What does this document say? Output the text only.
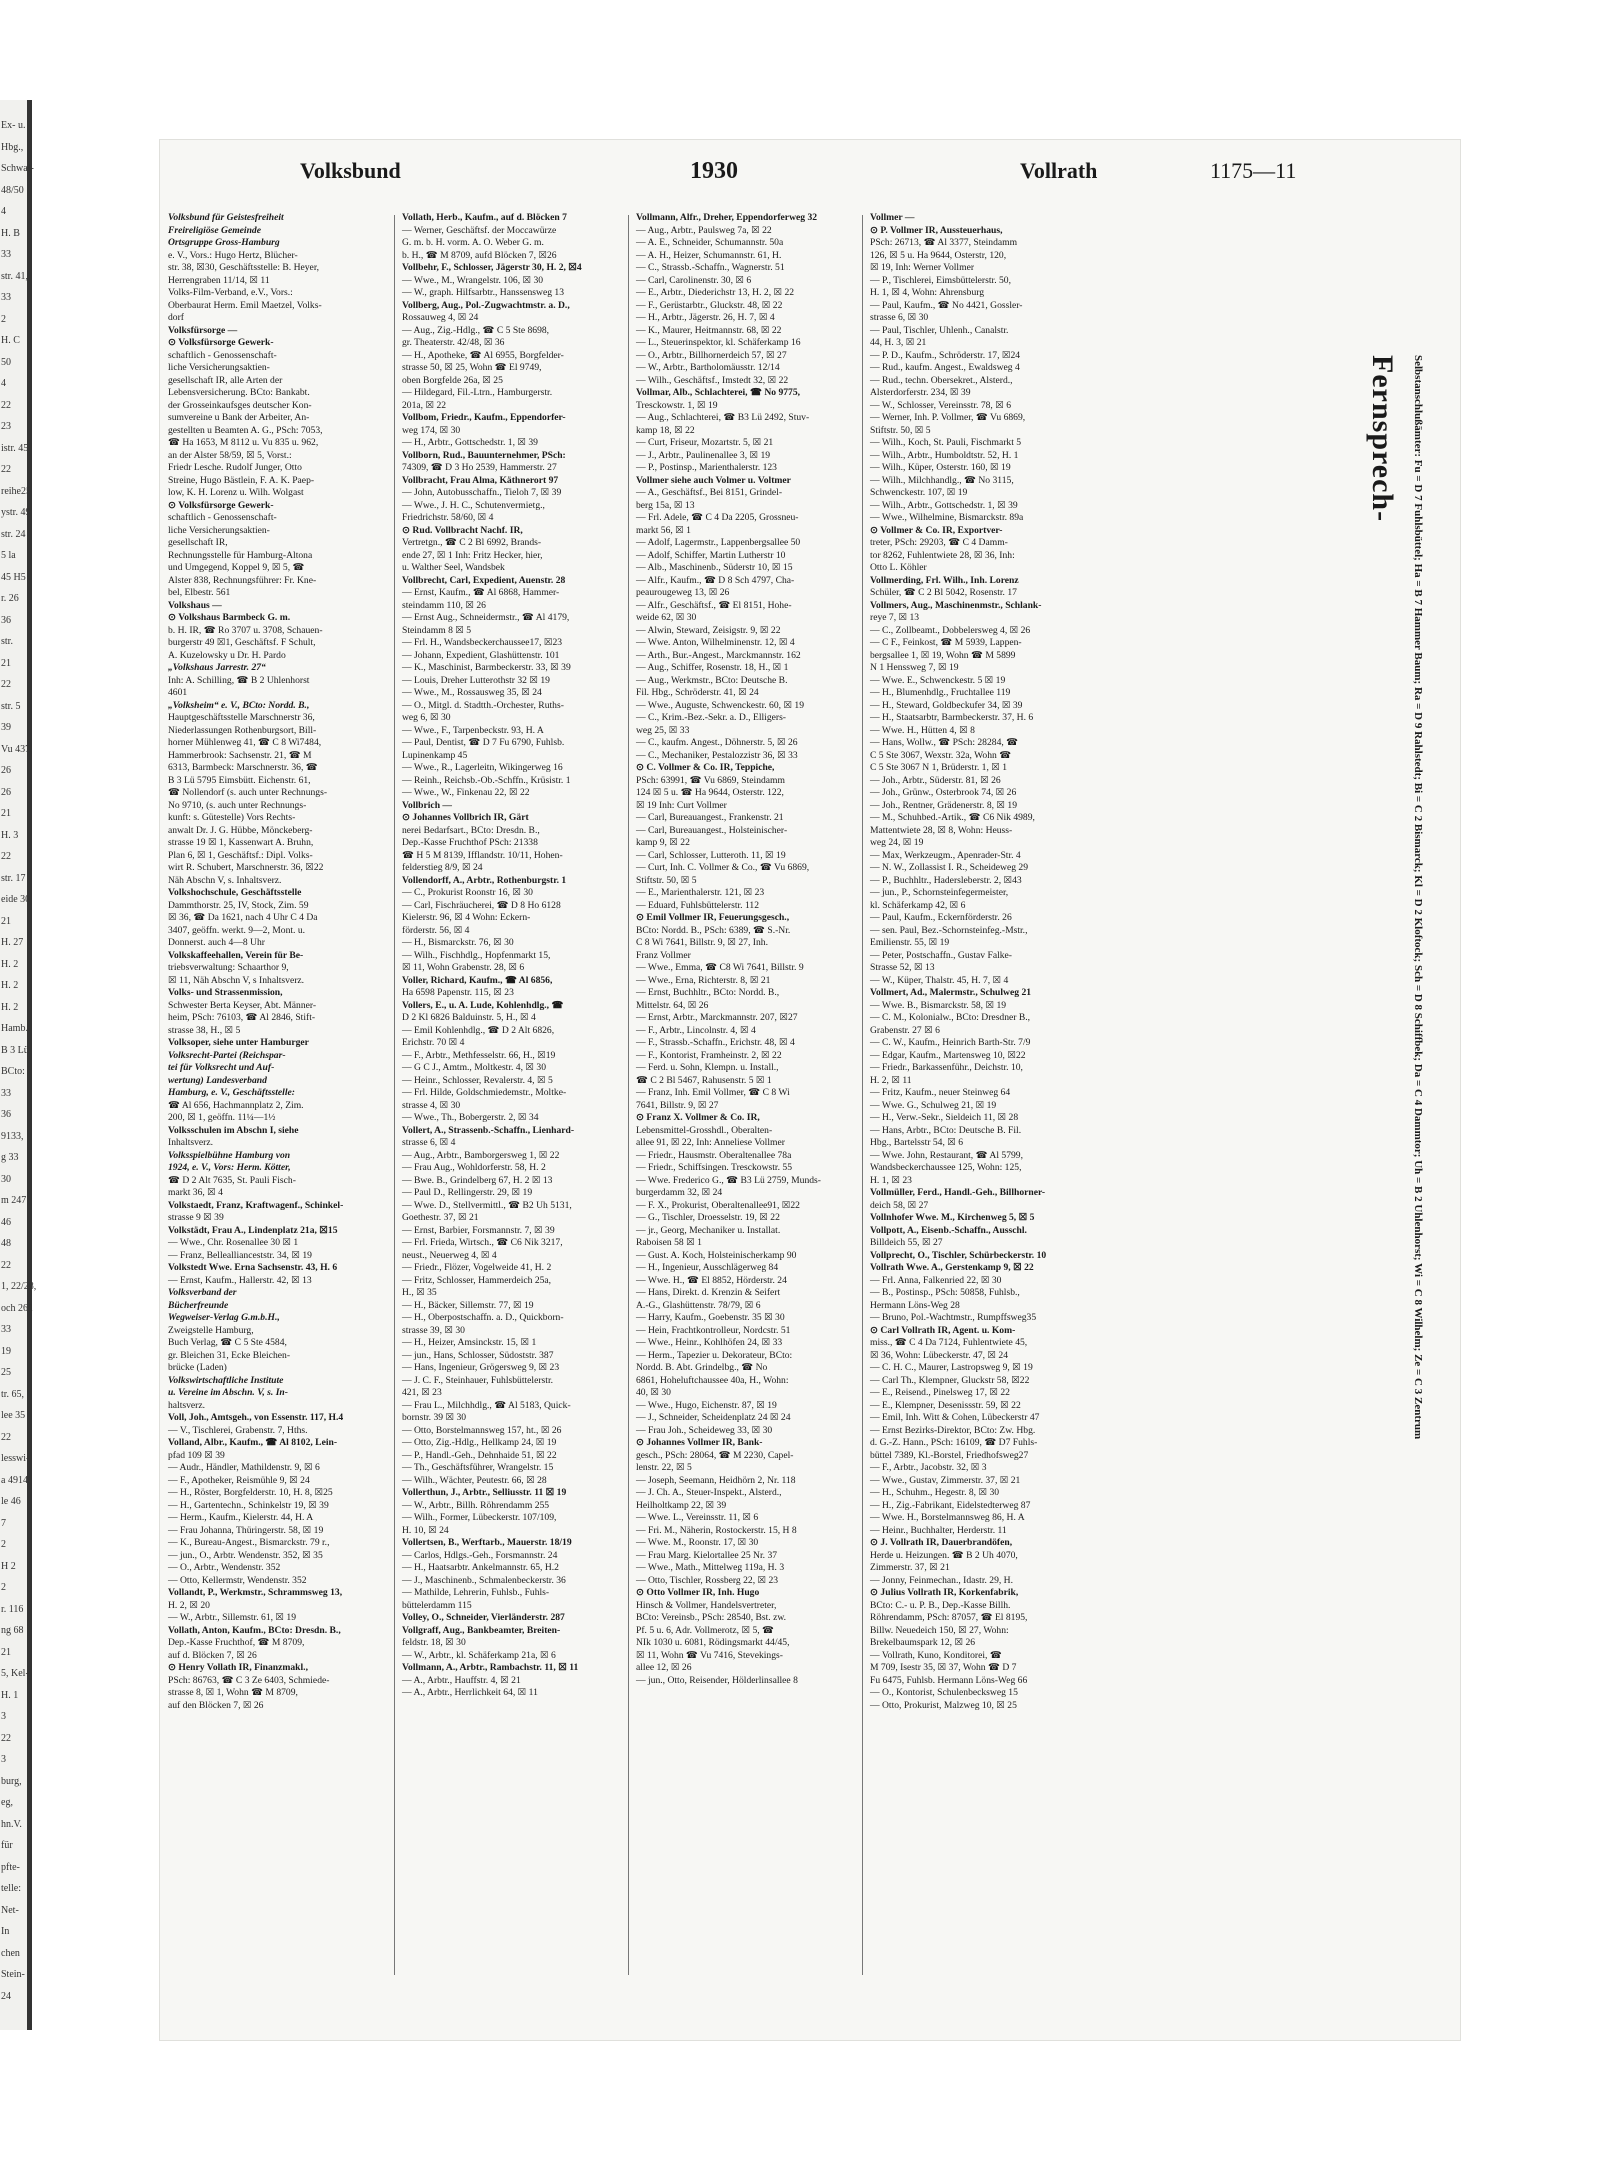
Ex- u.
Hbg.,
Schwal-
48/50
4
H. B
33
str. 41,
33
2
H. C
50
4
22
23
istr. 45
22
reihe25
ystr. 49
str. 24
5 la
45 H5
r. 26
36
str.
21
22
str. 5
39
Vu 437,
26
26
21
H. 3
22
str. 17
eide 30
21
H. 27
H. 2
H. 2
H. 2
Hamb.
B 3 Lü
BCto:
33
36
9133,
g 33
30
m 247
46
48
22
1, 22/28,
och 261
33
19
25
tr. 65,
lee 35
22
lesswi-
a 4914,
le 46
7
2
H 2
2
r. 116
ng 68
21
5, Kel-
H. 1
3
22
3
burg,
eg,
hn.V.
für
pfte-
telle:
Net-
In
chen
Stein-
24
Volksbund	1930	Vollrath	1175—11
Volksbund für Geistesfreiheit
Freireligiöse Gemeinde
Ortsgruppe Gross-Hamburg
e. V., Vors.: Hugo Hertz, Blücher-
str. 38, ☒30, Geschäftsstelle: B. Heyer,
Herrengraben 11/14, ☒ 11
Volks-Film-Verband, e.V., Vors.:
Oberbaurat Herm. Emil Maetzel, Volks-
dorf
Volksfürsorge —
⊙ Volksfürsorge Gewerk-
schaftlich - Genossenschaft-
liche Versicherungsaktien-
gesellschaft IR, alle Arten der
Lebensversicherung. BCto: Bankabt.
der Grosseinkaufsges deutscher Kon-
sumvereine u Bank der Arbeiter, An-
gestellten u Beamten A. G., PSch: 7053,
☎ Ha 1653, M 8112 u. Vu 835 u. 962,
an der Alster 58/59, ☒ 5, Vorst.:
Friedr Lesche. Rudolf Junger, Otto
Streine, Hugo Bästlein, F. A. K. Paep-
low, K. H. Lorenz u. Wilh. Wolgast
⊙ Volksfürsorge Gewerk-
schaftlich - Genossenschaft-
liche Versicherungsaktien-
gesellschaft IR,
Rechnungsstelle für Hamburg-Altona
und Umgegend, Koppel 9, ☒ 5, ☎
Alster 838, Rechnungsführer: Fr. Kne-
bel, Elbestr. 561
Volkshaus —
⊙ Volkshaus Barmbeck G. m.
b. H. IR, ☎ Ro 3707 u. 3708, Schauen-
burgerstr 49 ☒1, Geschäftsf. F Schult,
A. Kuzelowsky u Dr. H. Pardo
„Volkshaus Jarrestr. 27“
Inh: A. Schilling, ☎ B 2 Uhlenhorst
4601
„Volksheim“ e. V., BCto: Nordd. B.,
Hauptgeschäftsstelle Marschnerstr 36,
Niederlassungen Rothenburgsort, Bill-
horner Mühlenweg 41, ☎ C 8 Wi7484,
Hammerbrook: Sachsenstr. 21, ☎ M
6313, Barmbeck: Marschnerstr. 36, ☎
B 3 Lü 5795 Eimsbütt. Eichenstr. 61,
☎ Nollendorf (s. auch unter Rechnungs-
No 9710, (s. auch unter Rechnungs-
kunft: s. Gütestelle) Vors Rechts-
anwalt Dr. J. G. Hübbe, Mönckeberg-
strasse 19 ☒ 1, Kassenwart A. Bruhn,
Plan 6, ☒ 1, Geschäftsf.: Dipl. Volks-
wirt R. Schubert, Marschnerstr. 36, ☒22
Näh Abschn V, s. Inhaltsverz.
Volkshochschule, Geschäftsstelle
Dammthorstr. 25, IV, Stock, Zim. 59
☒ 36, ☎ Da 1621, nach 4 Uhr C 4 Da
3407, geöffn. werkt. 9—2, Mont. u.
Donnerst. auch 4—8 Uhr
Volkskaffeehallen, Verein für Be-
triebsverwaltung: Schaarthor 9,
☒ 11, Näh Abschn V, s Inhaltsverz.
Volks- und Strassenmission,
Schwester Berta Keyser, Abt. Männer-
heim, PSch: 76103, ☎ Al 2846, Stift-
strasse 38, H., ☒ 5
Volksoper, siehe unter Hamburger
Volksrecht-Partei (Reichspar-
tei für Volksrecht und Auf-
wertung) Landesverband
Hamburg, e. V., Geschäftsstelle:
☎ Al 656, Hachmannplatz 2, Zim.
200, ☒ 1, geöffn. 11¼—1½
Volksschulen im Abschn I, siehe
Inhaltsverz.
Volksspielbühne Hamburg von
1924, e. V., Vors: Herm. Kötter,
☎ D 2 Alt 7635, St. Pauli Fisch-
markt 36, ☒ 4
Volkstaedt, Franz, Kraftwagenf., Schinkel-
strasse 9 ☒ 39
Volkstädt, Frau A., Lindenplatz 21a, ☒15
— Wwe., Chr. Rosenallee 30 ☒ 1
— Franz, Belleallianceststr. 34, ☒ 19
Volkstedt Wwe. Erna Sachsenstr. 43, H. 6
— Ernst, Kaufm., Hallerstr. 42, ☒ 13
Volksverband der
Bücherfreunde
Wegweiser-Verlag G.m.b.H.,
Zweigstelle Hamburg,
Buch Verlag, ☎ C 5 Ste 4584,
gr. Bleichen 31, Ecke Bleichen-
brücke (Laden)
Volkswirtschaftliche Institute
u. Vereine im Abschn. V, s. In-
haltsverz.
Voll, Joh., Amtsgeh., von Essenstr. 117, H.4
— V., Tischlerei, Grabenstr. 7, Hths.
Volland, Albr., Kaufm., ☎ Al 8102, Lein-
pfad 109 ☒ 39
— Audr., Händler, Mathildenstr. 9, ☒ 6
— F., Apotheker, Reismühle 9, ☒ 24
— H., Röster, Borgfelderstr. 10, H. 8, ☒25
— H., Gartentechn., Schinkelstr 19, ☒ 39
— Herm., Kaufm., Kielerstr. 44, H. A
— Frau Johanna, Thüringerstr. 58, ☒ 19
— K., Bureau-Angest., Bismarckstr. 79 r.,
— jun., O., Arbtr. Wendenstr. 352, ☒ 35
— O., Arbtr., Wendenstr. 352
— Otto, Kellermstr, Wendenstr. 352
Vollandt, P., Werkmstr., Schrammsweg 13,
H. 2, ☒ 20
— W., Arbtr., Sillemstr. 61, ☒ 19
Vollath, Anton, Kaufm., BCto: Dresdn. B.,
Dep.-Kasse Fruchthof, ☎ M 8709,
auf d. Blöcken 7, ☒ 26
⊙ Henry Vollath IR, Finanzmakl.,
PSch: 86763, ☎ C 3 Ze 6403, Schmiede-
strasse 8, ☒ 1, Wohn ☎ M 8709,
auf den Blöcken 7, ☒ 26
Vollath, Herb., Kaufm., auf d. Blöcken 7
— Werner, Geschäftsf. der Moccawürze
G. m. b. H. vorm. A. O. Weber G. m.
b. H., ☎ M 8709, aufd Blöcken 7, ☒26
Vollbehr, F., Schlosser, Jägerstr 30, H. 2, ☒4
— Wwe., M., Wrangelstr. 106, ☒ 30
— W., graph. Hilfsarbtr., Hanssensweg 13
Vollberg, Aug., Pol.-Zugwachtmstr. a. D.,
Rossauweg 4, ☒ 24
— Aug., Zig.-Hdlg., ☎ C 5 Ste 8698,
gr. Theaterstr. 42/48, ☒ 36
— H., Apotheke, ☎ Al 6955, Borgfelder-
strasse 50, ☒ 25, Wohn ☎ El 9749,
oben Borgfelde 26a, ☒ 25
— Hildegard, Fil.-Ltrn., Hamburgerstr.
201a, ☒ 22
Vollbom, Friedr., Kaufm., Eppendorfer-
weg 174, ☒ 30
— H., Arbtr., Gottschedstr. 1, ☒ 39
Vollborn, Rud., Bauunternehmer, PSch:
74309, ☎ D 3 Ho 2539, Hammerstr. 27
Vollbracht, Frau Alma, Käthnerort 97
— John, Autobusschaffn., Tieloh 7, ☒ 39
— Wwe., J. H. C., Schutenvermietg.,
Friedrichstr. 58/60, ☒ 4
⊙ Rud. Vollbracht Nachf. IR,
Vertretgn., ☎ C 2 Bl 6992, Brands-
ende 27, ☒ 1 Inh: Fritz Hecker, hier,
u. Walther Seel, Wandsbek
Vollbrecht, Carl, Expedient, Auenstr. 28
— Ernst, Kaufm., ☎ Al 6868, Hammer-
steindamm 110, ☒ 26
— Ernst Aug., Schneidermstr., ☎ Al 4179,
Steindamm 8 ☒ 5
— Frl. H., Wandsbeckerchaussee17, ☒23
— Johann, Expedient, Glashüttenstr. 101
— K., Maschinist, Barmbeckerstr. 33, ☒ 39
— Louis, Dreher Lutterothstr 32 ☒ 19
— Wwe., M., Rossausweg 35, ☒ 24
— O., Mitgl. d. Stadtth.-Orchester, Ruths-
weg 6, ☒ 30
— Wwe., F., Tarpenbeckstr. 93, H. A
— Paul, Dentist, ☎ D 7 Fu 6790, Fuhlsb.
Lupinenkamp 45
— Wwe., R., Lagerleitn, Wikingerweg 16
— Reinh., Reichsb.-Ob.-Schffn., Krüsistr. 1
— Wwe., W., Finkenau 22, ☒ 22
Vollbrich —
⊙ Johannes Vollbrich IR, Gärt
nerei Bedarfsart., BCto: Dresdn. B.,
Dep.-Kasse Fruchthof PSch: 21338
☎ H 5 M 8139, Ifflandstr. 10/11, Hohen-
felderstieg 8/9, ☒ 24
Vollendorff, A., Arbtr., Rothenburgstr. 1
— C., Prokurist Roonstr 16, ☒ 30
— Carl, Fischräucherei, ☎ D 8 Ho 6128
Kielerstr. 96, ☒ 4 Wohn: Eckern-
förderstr. 56, ☒ 4
— H., Bismarckstr. 76, ☒ 30
— Wilh., Fischhdlg., Hopfenmarkt 15,
☒ 11, Wohn Grabenstr. 28, ☒ 6
Voller, Richard, Kaufm., ☎ Al 6856,
Ha 6598 Papenstr. 115, ☒ 23
Vollers, E., u. A. Lude, Kohlenhdlg., ☎
D 2 Kl 6826 Balduinstr. 5, H., ☒ 4
— Emil Kohlenhdlg., ☎ D 2 Alt 6826,
Erichstr. 70 ☒ 4
— F., Arbtr., Methfesselstr. 66, H., ☒19
— G C J., Amtm., Moltkestr. 4, ☒ 30
— Heinr., Schlosser, Revalerstr. 4, ☒ 5
— Frl. Hilde, Goldschmiedemstr., Moltke-
strasse 4, ☒ 30
— Wwe., Th., Bobergerstr. 2, ☒ 34
Vollert, A., Strassenb.-Schaffn., Lienhard-
strasse 6, ☒ 4
— Aug., Arbtr., Bamborgersweg 1, ☒ 22
— Frau Aug., Wohldorferstr. 58, H. 2
— Bwe. B., Grindelberg 67, H. 2 ☒ 13
— Paul D., Rellingerstr. 29, ☒ 19
— Wwe. D., Stellvermittl., ☎ B2 Uh 5131,
Goethestr. 37, ☒ 21
— Ernst, Barbier, Forsmannstr. 7, ☒ 39
— Frl. Frieda, Wirtsch., ☎ C6 Nik 3217,
neust., Neuerweg 4, ☒ 4
— Friedr., Flözer, Vogelweide 41, H. 2
— Fritz, Schlosser, Hammerdeich 25a,
H., ☒ 35
— H., Bäcker, Sillemstr. 77, ☒ 19
— H., Oberpostschaffn. a. D., Quickborn-
strasse 39, ☒ 30
— H., Heizer, Amsinckstr. 15, ☒ 1
— jun., Hans, Schlosser, Südoststr. 387
— Hans, Ingenieur, Grögersweg 9, ☒ 23
— J. C. F., Steinhauer, Fuhlsbüttelerstr.
421, ☒ 23
— Frau L., Milchhdlg., ☎ Al 5183, Quick-
bornstr. 39 ☒ 30
— Otto, Borstelmannsweg 157, ht., ☒ 26
— Otto, Zig.-Hdlg., Hellkamp 24, ☒ 19
— P., Handl.-Geh., Dehnhaide 51, ☒ 22
— Th., Geschäftsführer, Wrangelstr. 15
— Wilh., Wächter, Peutestr. 66, ☒ 28
Vollerthun, J., Arbtr., Selliusstr. 11 ☒ 19
— W., Arbtr., Billh. Röhrendamm 255
— Wilh., Former, Lübeckerstr. 107/109,
H. 10, ☒ 24
Vollertsen, B., Werftarb., Mauerstr. 18/19
— Carlos, Hdlgs.-Geh., Forsmannstr. 24
— H., Haatsarbtr. Ankelmannstr. 65, H.2
— J., Maschinenb., Schmalenbeckerstr. 36
— Mathilde, Lehrerin, Fuhlsb., Fuhls-
büttelerdamm 115
Volley, O., Schneider, Vierländerstr. 287
Vollgraff, Aug., Bankbeamter, Breiten-
feldstr. 18, ☒ 30
— W., Arbtr., kl. Schäferkamp 21a, ☒ 6
Vollmann, A., Arbtr., Rambachstr. 11, ☒ 11
— A., Arbtr., Hauffstr. 4, ☒ 21
— A., Arbtr., Herrlichkeit 64, ☒ 11
Vollmann, Alfr., Dreher, Eppendorferweg 32
— Aug., Arbtr., Paulsweg 7a, ☒ 22
— A. E., Schneider, Schumannstr. 50a
— A. H., Heizer, Schumannstr. 61, H.
— C., Strassb.-Schaffn., Wagnerstr. 51
— Carl, Carolinenstr. 30, ☒ 6
— E., Arbtr., Diederichstr 13, H. 2, ☒ 22
— F., Gerüstarbtr., Gluckstr. 48, ☒ 22
— H., Arbtr., Jägerstr. 26, H. 7, ☒ 4
— K., Maurer, Heitmannstr. 68, ☒ 22
— L., Steuerinspektor, kl. Schäferkamp 16
— O., Arbtr., Billhornerdeich 57, ☒ 27
— W., Arbtr., Bartholomäusstr. 12/14
— Wilh., Geschäftsf., Imstedt 32, ☒ 22
Vollmar, Alb., Schlachterei, ☎ No 9775,
Tresckowstr. 1, ☒ 19
— Aug., Schlachterei, ☎ B3 Lü 2492, Stuv-
kamp 18, ☒ 22
— Curt, Friseur, Mozartstr. 5, ☒ 21
— J., Arbtr., Paulinenallee 3, ☒ 19
— P., Postinsp., Marienthalerstr. 123
Vollmer siehe auch Volmer u. Voltmer
— A., Geschäftsf., Bei 8151, Grindel-
berg 15a, ☒ 13
— Frl. Adele, ☎ C 4 Da 2205, Grossneu-
markt 56, ☒ 1
— Adolf, Lagermstr., Lappenbergsallee 50
— Adolf, Schiffer, Martin Lutherstr 10
— Alb., Maschinenb., Süderstr 10, ☒ 15
— Alfr., Kaufm., ☎ D 8 Sch 4797, Cha-
peaurougeweg 13, ☒ 26
— Alfr., Geschäftsf., ☎ El 8151, Hohe-
weide 62, ☒ 30
— Alwin, Steward, Zeisigstr. 9, ☒ 22
— Wwe. Anton, Wilhelminenstr. 12, ☒ 4
— Arth., Bur.-Angest., Marckmannstr. 162
— Aug., Schiffer, Rosenstr. 18, H., ☒ 1
— Aug., Werkmstr., BCto: Deutsche B.
Fil. Hbg., Schröderstr. 41, ☒ 24
— Wwe., Auguste, Schwenckestr. 60, ☒ 19
— C., Krim.-Bez.-Sekr. a. D., Elligers-
weg 25, ☒ 33
— C., kaufm. Angest., Döhnerstr. 5, ☒ 26
— C., Mechaniker, Pestalozzistr 36, ☒ 33
⊙ C. Vollmer & Co. IR, Teppiche,
PSch: 63991, ☎ Vu 6869, Steindamm
124 ☒ 5 u. ☎ Ha 9644, Osterstr. 122,
☒ 19 Inh: Curt Vollmer
— Carl, Bureauangest., Frankenstr. 21
— Carl, Bureauangest., Holsteinischer-
kamp 9, ☒ 22
— Carl, Schlosser, Lutteroth. 11, ☒ 19
— Curt, Inh. C. Vollmer & Co., ☎ Vu 6869,
Stiftstr. 50, ☒ 5
— E., Marienthalerstr. 121, ☒ 23
— Eduard, Fuhlsbüttelerstr. 112
⊙ Emil Vollmer IR, Feuerungsgesch.,
BCto: Nordd. B., PSch: 6389, ☎ S.-Nr.
C 8 Wi 7641, Billstr. 9, ☒ 27, Inh.
Franz Vollmer
— Wwe., Emma, ☎ C8 Wi 7641, Billstr. 9
— Wwe., Erna, Richterstr. 8, ☒ 21
— Ernst, Buchhltr., BCto: Nordd. B.,
Mittelstr. 64, ☒ 26
— Ernst, Arbtr., Marckmannstr. 207, ☒27
— F., Arbtr., Lincolnstr. 4, ☒ 4
— F., Strassb.-Schaffn., Erichstr. 48, ☒ 4
— F., Kontorist, Framheinstr. 2, ☒ 22
— Ferd. u. Sohn, Klempn. u. Install.,
☎ C 2 Bl 5467, Rahusenstr. 5 ☒ 1
— Franz, Inh. Emil Vollmer, ☎ C 8 Wi
7641, Billstr. 9, ☒ 27
⊙ Franz X. Vollmer & Co. IR,
Lebensmittel-Grosshdl., Oberalten-
allee 91, ☒ 22, Inh: Anneliese Vollmer
— Friedr., Hausmstr. Oberaltenallee 78a
— Friedr., Schiffsingen. Tresckowstr. 55
— Wwe. Frederico G., ☎ B3 Lü 2759, Munds-
burgerdamm 32, ☒ 24
— F. X., Prokurist, Oberaltenallee91, ☒22
— G., Tischler, Droesselstr. 19, ☒ 22
— jr., Georg, Mechaniker u. Installat.
Raboisen 58 ☒ 1
— Gust. A. Koch, Holsteinischerkamp 90
— H., Ingenieur, Ausschlägerweg 84
— Wwe. H., ☎ El 8852, Hörderstr. 24
— Hans, Direkt. d. Krenzin & Seifert
A.-G., Glashüttenstr. 78/79, ☒ 6
— Harry, Kaufm., Goebenstr. 35 ☒ 30
— Hein, Frachtkontrolleur, Nordcstr. 51
— Wwe., Heinr., Kohlhöfen 24, ☒ 33
— Herm., Tapezier u. Dekorateur, BCto:
Nordd. B. Abt. Grindelbg., ☎ No
6861, Hoheluftchaussee 40a, H., Wohn:
40, ☒ 30
— Wwe., Hugo, Eichenstr. 87, ☒ 19
— J., Schneider, Scheidenplatz 24 ☒ 24
— Frau Joh., Scheideweg 33, ☒ 30
⊙ Johannes Vollmer IR, Bank-
gesch., PSch: 28064, ☎ M 2230, Capel-
lenstr. 22, ☒ 5
— Joseph, Seemann, Heidhörn 2, Nr. 118
— J. Ch. A., Steuer-Inspekt., Alsterd.,
Heilholtkamp 22, ☒ 39
— Wwe. L., Vereinsstr. 11, ☒ 6
— Fri. M., Näherin, Rostockerstr. 15, H 8
— Wwe. M., Roonstr. 17, ☒ 30
— Frau Marg. Kielortallee 25 Nr. 37
— Wwe., Math., Mittelweg 119a, H. 3
— Otto, Tischler, Rossberg 22, ☒ 23
⊙ Otto Vollmer IR, Inh. Hugo
Hinsch & Vollmer, Handelsvertreter,
BCto: Vereinsb., PSch: 28540, Bst. zw.
Pf. 5 u. 6, Adr. Vollmerotz, ☒ 5, ☎
NIk 1030 u. 6081, Rödingsmarkt 44/45,
☒ 11, Wohn ☎ Vu 7416, Stevekings-
allee 12, ☒ 26
— jun., Otto, Reisender, Hölderlinsallee 8
Vollmer —
⊙ P. Vollmer IR, Aussteuerhaus,
PSch: 26713, ☎ Al 3377, Steindamm
126, ☒ 5 u. Ha 9644, Osterstr, 120,
☒ 19, Inh: Werner Vollmer
— P., Tischlerei, Eimsbüttelerstr. 50,
H. 1, ☒ 4, Wohn: Ahrensburg
— Paul, Kaufm., ☎ No 4421, Gossler-
strasse 6, ☒ 30
— Paul, Tischler, Uhlenh., Canalstr.
44, H. 3, ☒ 21
— P. D., Kaufm., Schröderstr. 17, ☒24
— Rud., kaufm. Angest., Ewaldsweg 4
— Rud., techn. Obersekret., Alsterd.,
Alsterdorferstr. 234, ☒ 39
— W., Schlosser, Vereinsstr. 78, ☒ 6
— Werner, Inh. P. Vollmer, ☎ Vu 6869,
Stiftstr. 50, ☒ 5
— Wilh., Koch, St. Pauli, Fischmarkt 5
— Wilh., Arbtr., Humboldtstr. 52, H. 1
— Wilh., Küper, Osterstr. 160, ☒ 19
— Wilh., Milchhandlg., ☎ No 3115,
Schwenckestr. 107, ☒ 19
— Wilh., Arbtr., Gottschedstr. 1, ☒ 39
— Wwe., Wilhelmine, Bismarckstr. 89a
⊙ Vollmer & Co. IR, Exportver-
treter, PSch: 29203, ☎ C 4 Damm-
tor 8262, Fuhlentwiete 28, ☒ 36, Inh:
Otto L. Köhler
Vollmerding, Frl. Wilh., Inh. Lorenz
Schüler, ☎ C 2 Bl 5042, Rosenstr. 17
Vollmers, Aug., Maschinenmstr., Schlank-
reye 7, ☒ 13
— C., Zollbeamt., Dobbelersweg 4, ☒ 26
— C F., Feinkost, ☎ M 5939, Lappen-
bergsallee 1, ☒ 19, Wohn ☎ M 5899
N 1 Henssweg 7, ☒ 19
— Wwe. E., Schwenckestr. 5 ☒ 19
— H., Blumenhdlg., Fruchtallee 119
— H., Steward, Goldbeckufer 34, ☒ 39
— H., Staatsarbtr, Barmbeckerstr. 37, H. 6
— Wwe. H., Hütten 4, ☒ 8
— Hans, Wollw., ☎ PSch: 28284, ☎
C 5 Ste 3067, Wexstr. 32a, Wohn ☎
C 5 Ste 3067 N 1, Brüderstr. 1, ☒ 1
— Joh., Arbtr., Süderstr. 81, ☒ 26
— Joh., Grünw., Osterbrook 74, ☒ 26
— Joh., Rentner, Grädenerstr. 8, ☒ 19
— M., Schuhbed.-Artik., ☎ C6 Nik 4989,
Mattentwiete 28, ☒ 8, Wohn: Heuss-
weg 24, ☒ 19
— Max, Werkzeugm., Apenrader-Str. 4
— N. W., Zollassist I. R., Scheideweg 29
— P., Buchhltr., Hadersleberstr. 2, ☒43
— jun., P., Schornsteinfegermeister,
kl. Schäferkamp 42, ☒ 6
— Paul, Kaufm., Eckernförderstr. 26
— sen. Paul, Bez.-Schornsteinfeg.-Mstr.,
Emilienstr. 55, ☒ 19
— Peter, Postschaffn., Gustav Falke-
Strasse 52, ☒ 13
— W., Küper, Thalstr. 45, H. 7, ☒ 4
Vollmert, Ad., Malermstr., Schulweg 21
— Wwe. B., Bismarckstr. 58, ☒ 19
— C. M., Kolonialw., BCto: Dresdner B.,
Grabenstr. 27 ☒ 6
— C. W., Kaufm., Heinrich Barth-Str. 7/9
— Edgar, Kaufm., Martensweg 10, ☒22
— Friedr., Barkassenführ., Deichstr. 10,
H. 2, ☒ 11
— Fritz, Kaufm., neuer Steinweg 64
— Wwe. G., Schulweg 21, ☒ 19
— H., Verw.-Sekr., Sieldeich 11, ☒ 28
— Hans, Arbtr., BCto: Deutsche B. Fil.
Hbg., Bartelsstr 54, ☒ 6
— Wwe. John, Restaurant, ☎ Al 5799,
Wandsbeckerchaussee 125, Wohn: 125,
H. 1, ☒ 23
Vollmüller, Ferd., Handl.-Geh., Billhorner-
deich 58, ☒ 27
Vollnhofer Wwe. M., Kirchenweg 5, ☒ 5
Vollpott, A., Eisenb.-Schaffn., Ausschl.
Billdeich 55, ☒ 27
Vollprecht, O., Tischler, Schürbeckerstr. 10
Vollrath Wwe. A., Gerstenkamp 9, ☒ 22
— Frl. Anna, Falkenried 22, ☒ 30
— B., Postinsp., PSch: 50858, Fuhlsb.,
Hermann Löns-Weg 28
— Bruno, Pol.-Wachtmstr., Rumpffsweg35
⊙ Carl Vollrath IR, Agent. u. Kom-
miss., ☎ C 4 Da 7124, Fuhlentwiete 45,
☒ 36, Wohn: Lübeckerstr. 47, ☒ 24
— C. H. C., Maurer, Lastropsweg 9, ☒ 19
— Carl Th., Klempner, Gluckstr 58, ☒22
— E., Reisend., Pinelsweg 17, ☒ 22
— E., Klempner, Desenissstr. 59, ☒ 22
— Emil, Inh. Witt & Cohen, Lübeckerstr 47
— Ernst Bezirks-Direktor, BCto: Zw. Hbg.
d. G.-Z. Hann., PSch: 16109, ☎ D7 Fuhls-
büttel 7389, Kl.-Borstel, Friedhofsweg27
— F., Arbtr., Jacobstr. 32, ☒ 3
— Wwe., Gustav, Zimmerstr. 37, ☒ 21
— H., Schuhm., Hegestr. 8, ☒ 30
— H., Zig.-Fabrikant, Eidelstedterweg 87
— Wwe. H., Borstelmannsweg 86, H. A
— Heinr., Buchhalter, Herderstr. 11
⊙ J. Vollrath IR, Dauerbrandöfen,
Herde u. Heizungen. ☎ B 2 Uh 4070,
Zimmerstr. 37, ☒ 21
— Jonny, Feinmechan., Idastr. 29, H.
⊙ Julius Vollrath IR, Korkenfabrik,
BCto: C.- u. P. B., Dep.-Kasse Billh.
Röhrendamm, PSch: 87057, ☎ El 8195,
Billw. Neuedeich 150, ☒ 27, Wohn:
Brekelbaumspark 12, ☒ 26
— Vollrath, Kuno, Konditorei, ☎
M 709, Isestr 35, ☒ 37, Wohn ☎ D 7
Fu 6475, Fuhlsb. Hermann Löns-Weg 66
— O., Kontorist, Schulenbecksweg 15
— Otto, Prokurist, Malzweg 10, ☒ 25
Fernsprech- Selbstanschlußämter: Fu = D 7 Fuhlsbüttel; Ha = B 7 Hammer Baum; Ra = D 9 Rahlstedt; Bi = C 2 Bismarck; Kl = D 2 Kloftock; Sch = D 8 Schiffbek; Da = C 4 Dammtor; Uh = B 2 Uhlenhorst; Wi = C 8 Wilhelm; Ze = C 3 Zentrum
